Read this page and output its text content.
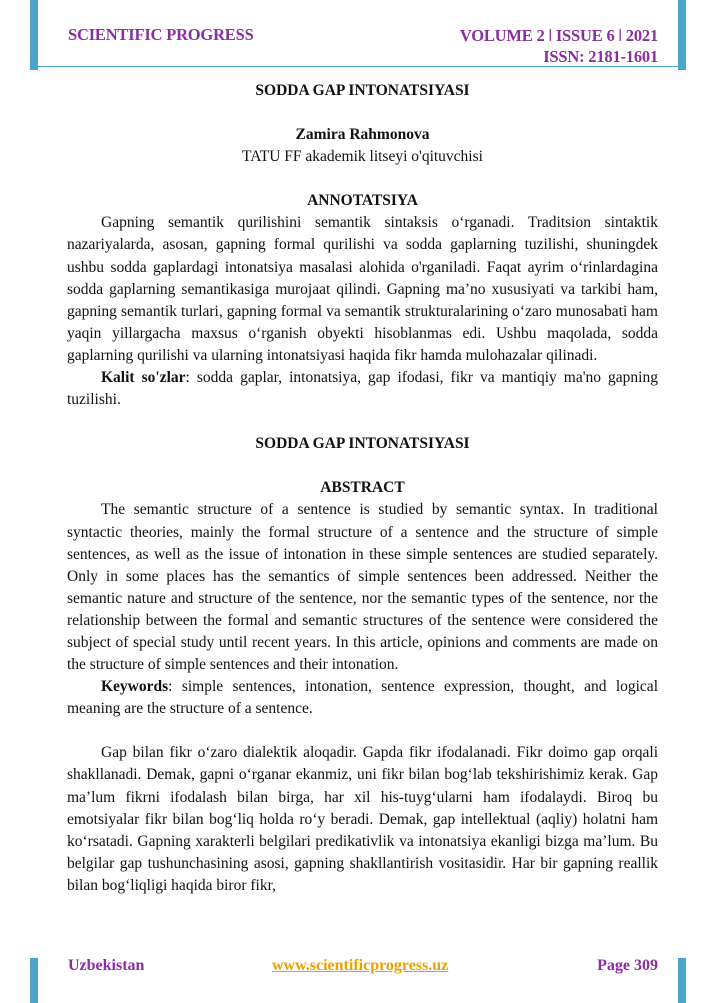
SCIENTIFIC PROGRESS	VOLUME 2 ǀ ISSUE 6 ǀ 2021
ISSN: 2181-1601
SODDA GAP INTONATSIYASI
Zamira Rahmonova
TATU FF akademik litseyi o'qituvchisi
ANNOTATSIYA

Gapning semantik qurilishini semantik sintaksis o‘rganadi. Traditsion sintaktik nazariyalarda, asosan, gapning formal qurilishi va sodda gaplarning tuzilishi, shuningdek ushbu sodda gaplardagi intonatsiya masalasi alohida o'rganiladi. Faqat ayrim o‘rinlardagina sodda gaplarning semantikasiga murojaat qilindi. Gapning ma’no xususiyati va tarkibi ham, gapning semantik turlari, gapning formal va semantik strukturalarining o‘zaro munosabati ham yaqin yillargacha maxsus o‘rganish obyekti hisoblanmas edi. Ushbu maqolada, sodda gaplarning qurilishi va ularning intonatsiyasi haqida fikr hamda mulohazalar qilinadi.

Kalit so'zlar: sodda gaplar, intonatsiya, gap ifodasi, fikr va mantiqiy ma'no gapning tuzilishi.

SODDA GAP INTONATSIYASI
ABSTRACT

The semantic structure of a sentence is studied by semantic syntax. In traditional syntactic theories, mainly the formal structure of a sentence and the structure of simple sentences, as well as the issue of intonation in these simple sentences are studied separately. Only in some places has the semantics of simple sentences been addressed. Neither the semantic nature and structure of the sentence, nor the semantic types of the sentence, nor the relationship between the formal and semantic structures of the sentence were considered the subject of special study until recent years. In this article, opinions and comments are made on the structure of simple sentences and their intonation.

Keywords: simple sentences, intonation, sentence expression, thought, and logical meaning are the structure of a sentence.

Gap bilan fikr o‘zaro dialektik aloqadir. Gapda fikr ifodalanadi. Fikr doimo gap orqali shakllanadi. Demak, gapni o‘rganar ekanmiz, uni fikr bilan bog‘lab tekshirishimiz kerak. Gap ma’lum fikrni ifodalash bilan birga, har xil his-tuyg‘ularni ham ifodalaydi. Biroq bu emotsiyalar fikr bilan bog‘liq holda ro‘y beradi. Demak, gap intellektual (aqliy) holatni ham ko‘rsatadi. Gapning xarakterli belgilari predikativlik va intonatsiya ekanligi bizga ma’lum. Bu belgilar gap tushunchasining asosi, gapning shakllantirish vositasidir. Har bir gapning reallik bilan bog‘liqligi haqida biror fikr,

Uzbekistan	www.scientificprogress.uz	Page 309
